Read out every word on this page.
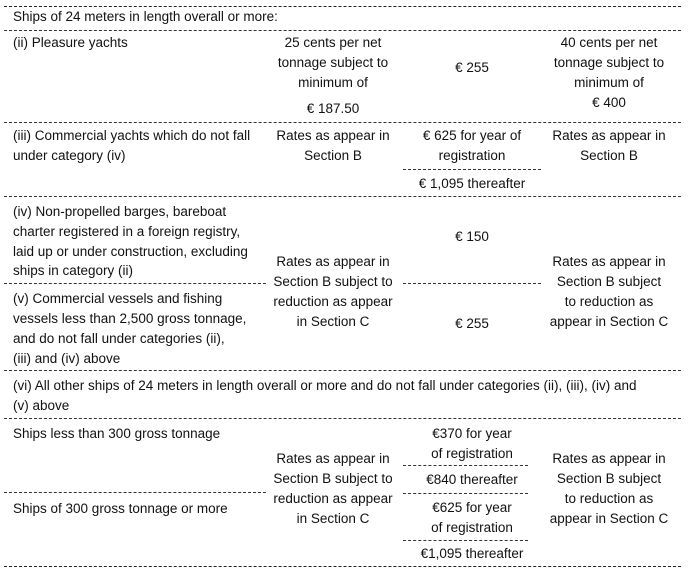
Ships of 24 meters in length overall or more:
(ii) Pleasure yachts	25 cents per net
tonnage subject to
minimum of
€ 187.50
€ 255
40 cents per net
tonnage subject to
minimum of
€ 400
(iii) Commercial yachts which do not fall
under category (iv)
Rates as appear in
Section B
€ 625 for year of
registration
€ 1,095 thereafter
Rates as appear in
Section B
(iv) Non-propelled barges, bareboat
charter registered in a foreign registry,
laid up or under construction, excluding
ships in category (ii)
(v) Commercial vessels and fishing
vessels less than 2,500 gross tonnage,
and do not fall under categories (ii),
(iii) and (iv) above
Rates as appear in
Section B subject to
reduction as appear
in Section C
€ 150
€ 255
Rates as appear in
Section B subject
to reduction as
appear in Section C
(vi) All other ships of 24 meters in length overall or more and do not fall under categories (ii), (iii), (iv) and
(v) above
Ships less than 300 gross tonnage
Ships of 300 gross tonnage or more
Rates as appear in
Section B subject to
reduction as appear
in Section C
€370 for year
of registration
€840 thereafter
€625 for year
of registration
€1,095 thereafter
Rates as appear in
Section B subject
to reduction as
appear in Section C
